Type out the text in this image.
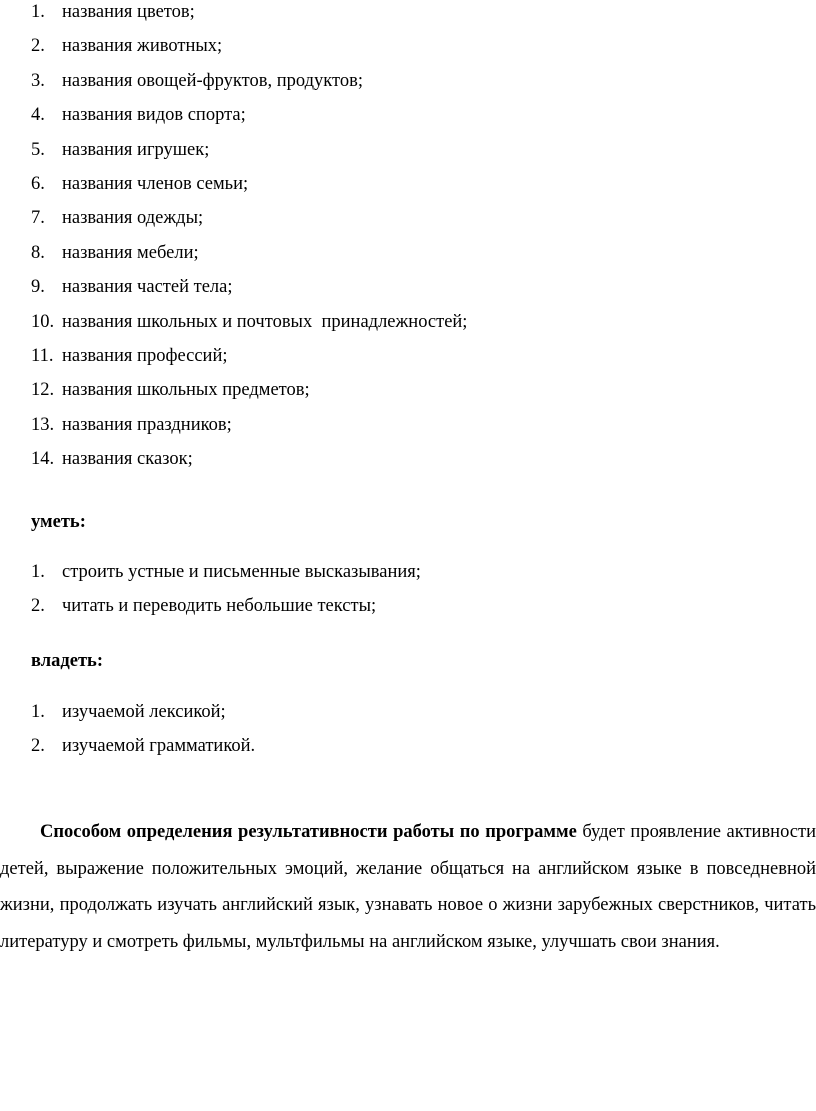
1. названия цветов;
2. названия животных;
3. названия овощей-фруктов, продуктов;
4. названия видов спорта;
5. названия игрушек;
6. названия членов семьи;
7. названия одежды;
8. названия мебели;
9. названия частей тела;
10. названия школьных и почтовых  принадлежностей;
11. названия профессий;
12. названия школьных предметов;
13. названия праздников;
14. названия сказок;

уметь:

1. строить устные и письменные высказывания;
2. читать и переводить небольшие тексты;

владеть:

1. изучаемой лексикой;
2. изучаемой грамматикой.

Способом определения результативности работы по программе будет проявление активности детей, выражение положительных эмоций, желание общаться на английском языке в повседневной жизни, продолжать изучать английский язык, узнавать новое о жизни зарубежных сверстников, читать литературу и смотреть фильмы, мультфильмы на английском языке, улучшать свои знания.
